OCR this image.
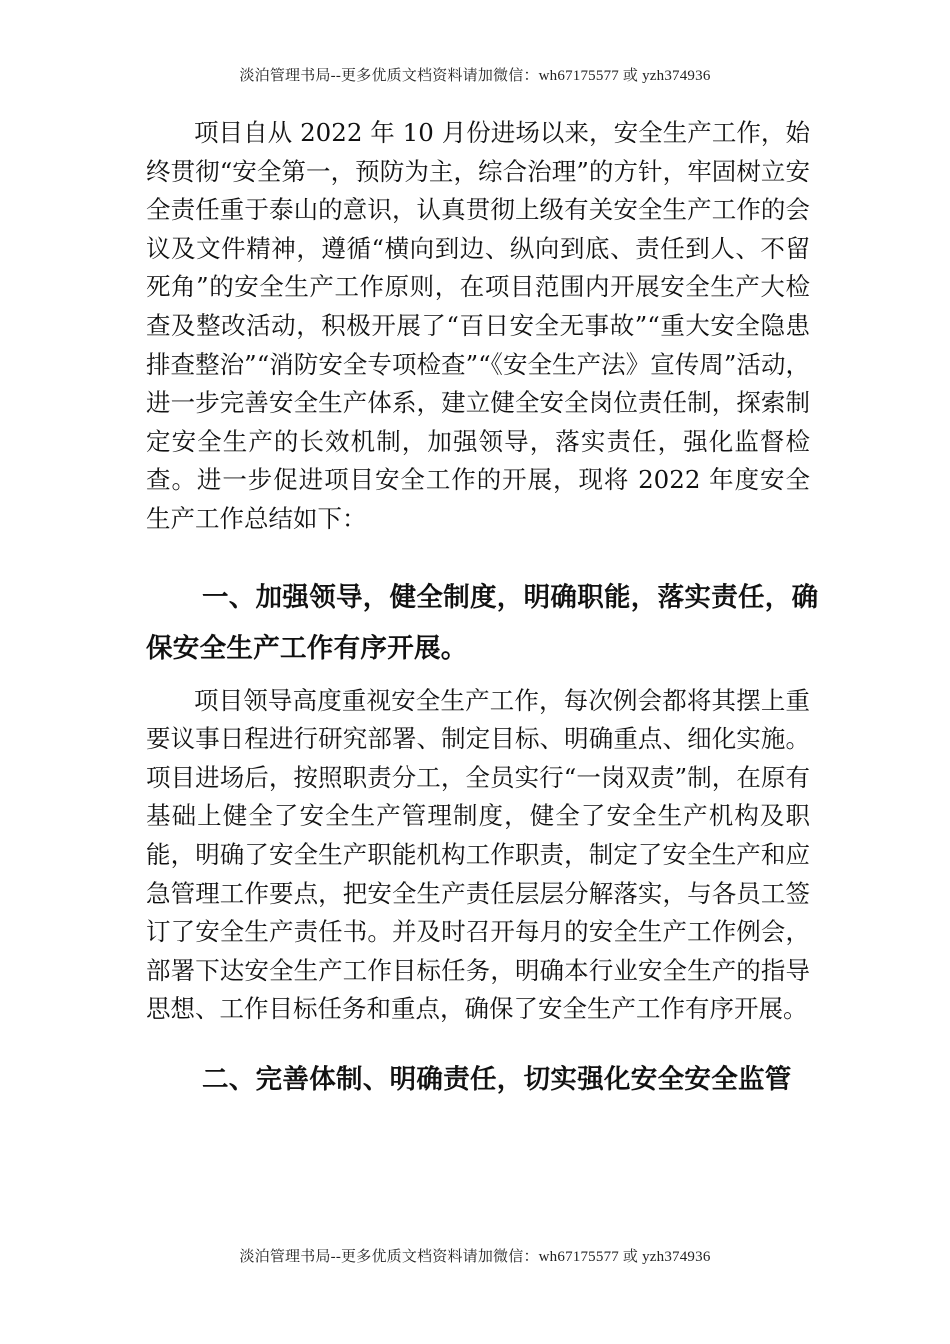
淡泊管理书局--更多优质文档资料请加微信：wh67175577 或 yzh374936

项目自从 2022 年 10 月份进场以来，安全生产工作，始终贯彻“安全第一，预防为主，综合治理”的方针，牢固树立安全责任重于泰山的意识，认真贯彻上级有关安全生产工作的会议及文件精神，遵循“横向到边、纵向到底、责任到人、不留死角”的安全生产工作原则，在项目范围内开展安全生产大检查及整改活动，积极开展了“百日安全无事故”“重大安全隐患排查整治”“消防安全专项检查”“《安全生产法》宣传周”活动，进一步完善安全生产体系，建立健全安全岗位责任制，探索制定安全生产的长效机制，加强领导，落实责任，强化监督检查。进一步促进项目安全工作的开展，现将 2022 年度安全生产工作总结如下：

一、加强领导，健全制度，明确职能，落实责任，确保安全生产工作有序开展。

项目领导高度重视安全生产工作，每次例会都将其摆上重要议事日程进行研究部署、制定目标、明确重点、细化实施。项目进场后，按照职责分工，全员实行“一岗双责”制，在原有基础上健全了安全生产管理制度，健全了安全生产机构及职能，明确了安全生产职能机构工作职责，制定了安全生产和应急管理工作要点，把安全生产责任层层分解落实，与各员工签订了安全生产责任书。并及时召开每月的安全生产工作例会，部署下达安全生产工作目标任务，明确本行业安全生产的指导思想、工作目标任务和重点，确保了安全生产工作有序开展。

二、完善体制、明确责任，切实强化安全安全监管
淡泊管理书局--更多优质文档资料请加微信：wh67175577 或 yzh374936
